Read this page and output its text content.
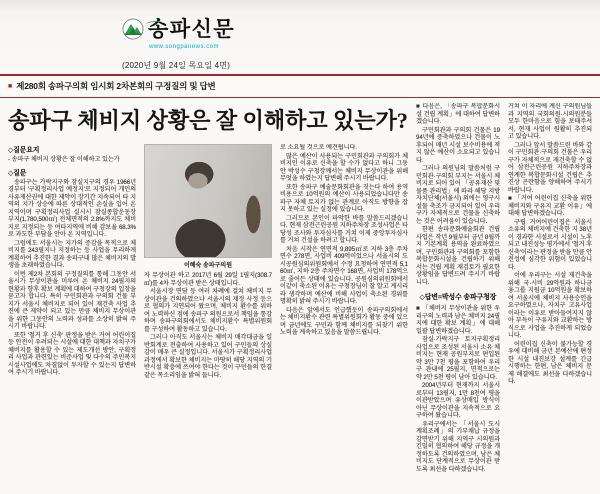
송파신문
www.songpanews.com
(2020년 9월 24일 목요일 4면)
■ 제280회 송파구의회 임시회 2차본회의 구정질의 및 답변
송파구 체비지 상황은 잘 이해하고 있는가?
◇질문요지

- 송파구 체비지 상황은 잘 이해하고 있는가

◇질문

송파구는 가락지구와 잠실지구의 경우 1966년경부터 '구획정리사업 예정지'로 지정되어 개인의 사유재산권에 대한 제약이 장기간 지속되어 타 지역의 지가 상승에 따른 상대적인 손실을 입어 온 지역이며 구획정리사업 실시시 잠실종합운동장부지(1,780,500㎡) 전체면적의 2.8%까지도 체비지로 지정되는 등 여타지역에 비해 감보율 68.3%로 과도한 부담을 안아 온 지역입니다.

그럼에도 서울시는 지가의 증감을 목적으로 체비지를 243필지나 지정하는 등 사업을 무리하게 계획하여 추진한 결과 송파구내 많은 체비지의 발생을 초래하였습니다.

이번 제2차 본회의 구정질의를 통해 그동안 서울시가 무상이관을 미루어 온 체비지 24필지의 현황과 향후 확보 계획에 대하여 구청장의 입장을 묻고자 합니다. 특히 구민회관과 구의회 건물 부지가 서울시 체비지로 되어 있어 재건축 사업 추진에 큰 제약이 되고 있는 만큼 체비지 무상이관을 위한 그동안의 노력과 성과를 소상히 밝혀 주시기 바랍니다.

또한 '철거 후 신축' 판정을 받은 거여 어린이집 등 안전이 우려되는 시설에 대한 대책과 자치구가 체비지를 활용할 수 있는 제도개선 방안, 구획정리 사업과 관련있는 비준사업 및 다수의 주민복지시설사업에도 차질없이 투자할 수 있는지 답변하여 주시기 바랍니다.

이혜숙 송파구의원

자 무상이관 하고 2017년 6월 29일 1필지(308.7㎡)를 4차 무상이관 받은 상태입니다.

서울시장 면담 등 여러 차례에 걸쳐 체비지 무상이관을 건의하였으나 서울시의 재정 사정 등으로 협의가 지연되어 왔으며, 체비지 환수를 위하여 노력하신 점에 송파구 의원으로서 책임을 통감하며 송파구의회에서도 체비지환수 특별위원회를 구성하여 활동하고 있습니다.

그러나 아직도 서울시는 체비지 매각대금을 일반회계로 전출하여 사용하고 있어 구민들의 상실감이 매우 큰 실정입니다. 서울시가 구획정리사업 과정에서 확보한 체비지는 마땅히 해당 지역의 기반시설 확충에 쓰여야 한다는 것이 구민들의 한결같은 목소리임을 밝혀 둡니다.

로 소요될 것으로 예견됩니다.

많은 예산이 사용되는 구민회관과 구의회가 체비지인 이유로 신축을 할 수가 없다고 하니 그동안 박성수 구청장께서는 체비지 무상이관을 위해 무엇을 하였는지 답변해 주시기 바랍니다.

또한 송파구 예술문화회관을 짓는다 하여 용역비용으로 10억원의 예산이 사용되었습니다만 송파구 자체 토지가 없는 관계로 아직도 방향을 잡지 못하고 있는 실정에 있습니다.

그러므로 본인이 파악한 바를 말씀드리겠습니다. 현재 삼전근린공원 지하주차장 조성사업은 타당성 조사와 투자심사를 거쳐 이제 중앙투자심사를 거쳐 건설을 하려고 합니다.

처음 시작은 연면적 9,895㎡로 지하 3층 주차면수 278면, 사업비 409억이었으나 서울시의 도시공원심의위원회에서 수정 요청하여 연면적 5,160㎡, 지하 2층 주차면수 168면, 사업비 178억으로 줄어든 상태에 있습니다. 공원심의위원회에서 이같이 축소된 이유는 구청장님이 잘 알고 계시리라 생각하며 예산에 비해 사업이 축소된 경위를 명확히 밝혀 주시기 바랍니다.

다음은 앞에서도 언급했듯이 송파구의회에서는 체비지환수 관련 특별위원회가 활동 중에 있으며 금년에도 구민과 함께 체비지를 되찾기 위한 노력을 계속하고 있음을 말씀드립니다.

■ 다음은, 「송파구 복합문화시설 건립 계획」에 대하여 답변하겠습니다.

구민회관과 구의회 건물은 1994년에 증축하였으나 건물이 노후되어 매년 시설 보수비용에 적지 않은 예산이 소요되고 있습니다.

그러나 의원님의 말씀처럼 구민회관·구의회 부지는 서울시 체비지로 되어 있어 「공유재산 및 물품 관리법」에 따라 해당 지방자치단체(서울시) 외에는 영구시설물 축조가 금지되어 있어 우리구가 자체적으로 건물을 신축하는 것은 어려움이 있습니다.

한편 송파문화예술회관 건립 사업은 작년 9월부터 금년 8월까지 기본계획 용역을 완료하였으며, 구민회관과 구의회를 포함한 복합문화시설을 건립하기 위해서는 건립 계획 재검토가 필요한 상황임을 답변드려 주시기 바랍니다.

◇답변=박성수 송파구청장

■ 「체비지 무상이관을 위한 우리구의 노력과 남은 체비지 24필지에 대한 확보 계획」에 대해 일괄 답변하겠습니다.

잠실·가락지구 토지구획정리사업으로 조성된 서울시 소유 체비지는 현재 공원부지로 편입된 약 3만 7천 평을 포함하여 우리구 관내에 25필지, 면적으로는 약 2만 5천 평이 남아 있습니다.

2004년부터 현재까지 서울시로부터 13필지, 1만 8천여 평을 이관받았으며 유상매입 방식이 아닌 무상이관을 지속적으로 요구하여 왔습니다.

우리구에서는 「서울시 도시계획조례」의 기부채납 규정을 감면받기 위해 지역구 시의원과 긴밀히 협의하여 해당 규정을 개정하도록 건의하였으며, 남은 체비지도 단계적으로 무상이관 받도록 최선을 다하겠습니다.

거쳐 이 자리에 계신 구의원님들과 지역의 국회의원·시의원분들 모두 한마음으로 힘을 보태주셔서, 현재 사업이 원활히 추진되고 있습니다.

그러나 앞서 말씀드린 바와 같이 구민회관·구의회 건물은 우리구가 자체적으로 재건축할 수 없어 삼전근린공원 지하주차장과 연계한 복합문화시설 건립은 추진상 곤란함을 양해하여 주시기 바랍니다.

■ 「거여 어린이집 신축을 위한 체비지와 구유지 교환 이유」에 대해 답변하겠습니다.

구립 거여어린이집은 서울시 소유의 체비지에 건축한 지 38년이 경과한 시설로서 시설이 노후되고 내진성능 평가에서 '철거 후 신축'이라는 판정을 받을 만큼 안전성에 심각한 위험이 있었습니다.

이에 우리구는 시설 재건축을 위해 국·시비 29억원과 하나금융그룹 지원금 10억원을 확보하여 서울시에 체비지 사용승인을 요구하였으나, 자치구 고유사업이라는 이유로 받아들여지지 않아 부득이 구유지와 교환하는 방식으로 사업을 추진하게 되었습니다.

어린이집 신축이 불가능할 경우에 대비해 금년 본예산에 편성한 시설 내진보강 설계를 긴급 시행하는 한편, 남은 체비지 문제 해결에도 최선을 다하겠습니다.
